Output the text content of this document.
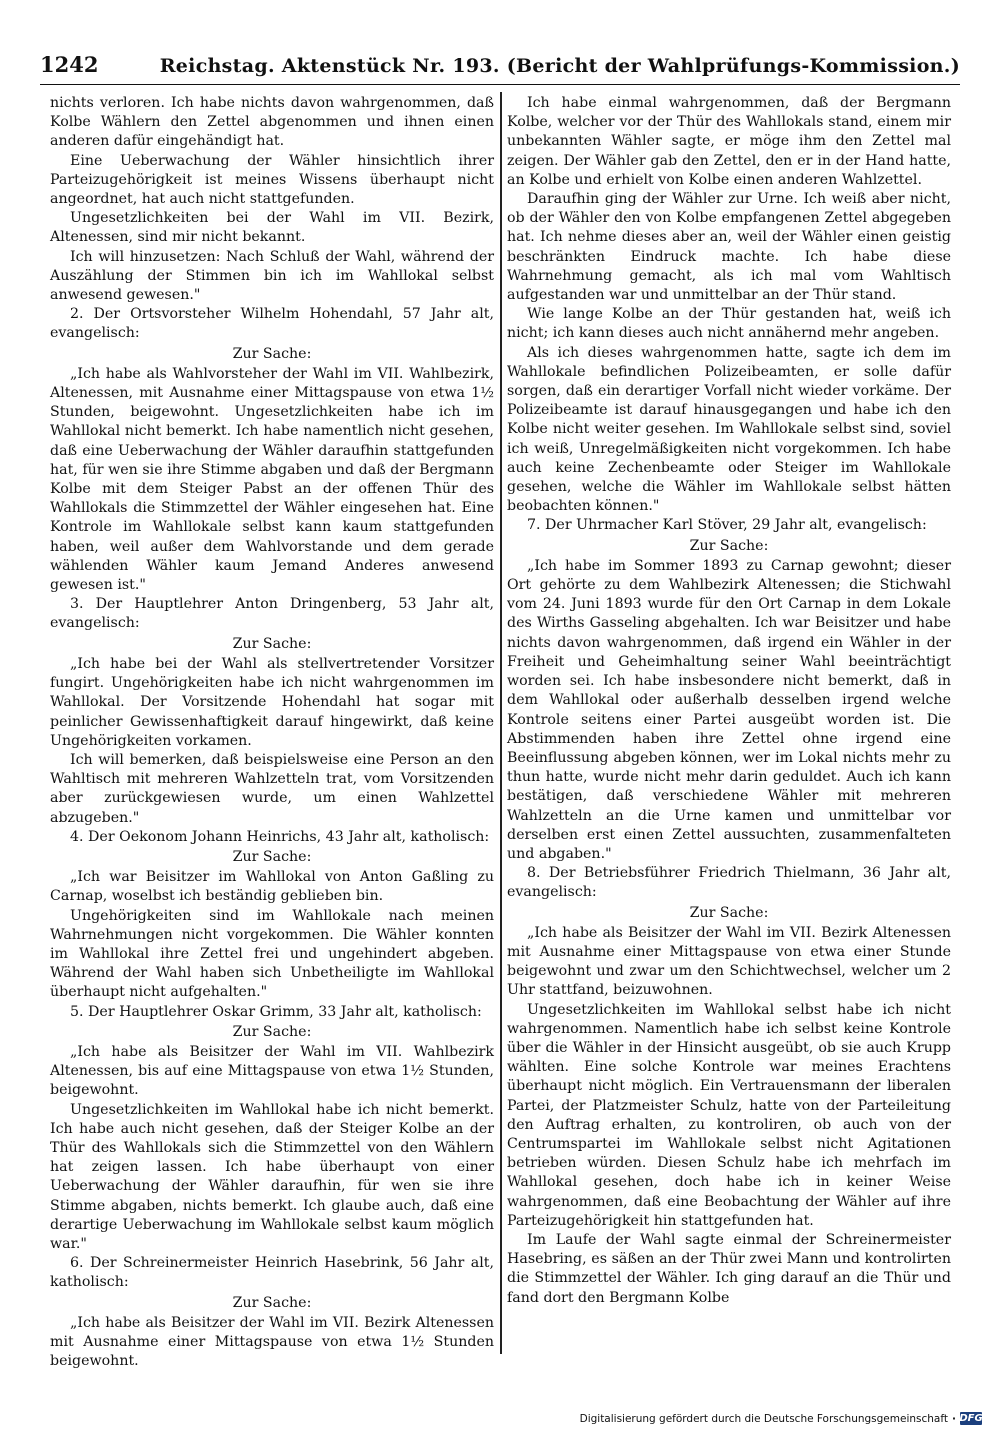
1242	Reichstag. Aktenstück Nr. 193. (Bericht der Wahlprüfungs-Kommission.)

nichts verloren. Ich habe nichts davon wahrgenommen, daß Kolbe Wählern den Zettel abgenommen und ihnen einen anderen dafür eingehändigt hat.

Eine Ueberwachung der Wähler hinsichtlich ihrer Parteizugehörigkeit ist meines Wissens überhaupt nicht angeordnet, hat auch nicht stattgefunden.

Ungesetzlichkeiten bei der Wahl im VII. Bezirk, Altenessen, sind mir nicht bekannt.

Ich will hinzusetzen: Nach Schluß der Wahl, während der Auszählung der Stimmen bin ich im Wahllokal selbst anwesend gewesen."

2. Der Ortsvorsteher Wilhelm Hohendahl, 57 Jahr alt, evangelisch:

Zur Sache:

„Ich habe als Wahlvorsteher der Wahl im VII. Wahlbezirk, Altenessen, mit Ausnahme einer Mittagspause von etwa 1½ Stunden, beigewohnt. Ungesetzlichkeiten habe ich im Wahllokal nicht bemerkt. Ich habe namentlich nicht gesehen, daß eine Ueberwachung der Wähler daraufhin stattgefunden hat, für wen sie ihre Stimme abgaben und daß der Bergmann Kolbe mit dem Steiger Pabst an der offenen Thür des Wahllokals die Stimmzettel der Wähler eingesehen hat. Eine Kontrole im Wahllokale selbst kann kaum stattgefunden haben, weil außer dem Wahlvorstande und dem gerade wählenden Wähler kaum Jemand Anderes anwesend gewesen ist."

3. Der Hauptlehrer Anton Dringenberg, 53 Jahr alt, evangelisch:

Zur Sache:

„Ich habe bei der Wahl als stellvertretender Vorsitzer fungirt. Ungehörigkeiten habe ich nicht wahrgenommen im Wahllokal. Der Vorsitzende Hohendahl hat sogar mit peinlicher Gewissenhaftigkeit darauf hingewirkt, daß keine Ungehörigkeiten vorkamen.

Ich will bemerken, daß beispielsweise eine Person an den Wahltisch mit mehreren Wahlzetteln trat, vom Vorsitzenden aber zurückgewiesen wurde, um einen Wahlzettel abzugeben."

4. Der Oekonom Johann Heinrichs, 43 Jahr alt, katholisch:

Zur Sache:

„Ich war Beisitzer im Wahllokal von Anton Gaßling zu Carnap, woselbst ich beständig geblieben bin.

Ungehörigkeiten sind im Wahllokale nach meinen Wahrnehmungen nicht vorgekommen. Die Wähler konnten im Wahllokal ihre Zettel frei und ungehindert abgeben. Während der Wahl haben sich Unbetheiligte im Wahllokal überhaupt nicht aufgehalten."

5. Der Hauptlehrer Oskar Grimm, 33 Jahr alt, katholisch:

Zur Sache:

„Ich habe als Beisitzer der Wahl im VII. Wahlbezirk Altenessen, bis auf eine Mittagspause von etwa 1½ Stunden, beigewohnt.

Ungesetzlichkeiten im Wahllokal habe ich nicht bemerkt. Ich habe auch nicht gesehen, daß der Steiger Kolbe an der Thür des Wahllokals sich die Stimmzettel von den Wählern hat zeigen lassen. Ich habe überhaupt von einer Ueberwachung der Wähler daraufhin, für wen sie ihre Stimme abgaben, nichts bemerkt. Ich glaube auch, daß eine derartige Ueberwachung im Wahllokale selbst kaum möglich war."

6. Der Schreinermeister Heinrich Hasebrink, 56 Jahr alt, katholisch:

Zur Sache:

„Ich habe als Beisitzer der Wahl im VII. Bezirk Altenessen mit Ausnahme einer Mittagspause von etwa 1½ Stunden beigewohnt.

Ich habe einmal wahrgenommen, daß der Bergmann Kolbe, welcher vor der Thür des Wahllokals stand, einem mir unbekannten Wähler sagte, er möge ihm den Zettel mal zeigen. Der Wähler gab den Zettel, den er in der Hand hatte, an Kolbe und erhielt von Kolbe einen anderen Wahlzettel.

Daraufhin ging der Wähler zur Urne. Ich weiß aber nicht, ob der Wähler den von Kolbe empfangenen Zettel abgegeben hat. Ich nehme dieses aber an, weil der Wähler einen geistig beschränkten Eindruck machte. Ich habe diese Wahrnehmung gemacht, als ich mal vom Wahltisch aufgestanden war und unmittelbar an der Thür stand.

Wie lange Kolbe an der Thür gestanden hat, weiß ich nicht; ich kann dieses auch nicht annähernd mehr angeben.

Als ich dieses wahrgenommen hatte, sagte ich dem im Wahllokale befindlichen Polizeibeamten, er solle dafür sorgen, daß ein derartiger Vorfall nicht wieder vorkäme. Der Polizeibeamte ist darauf hinausgegangen und habe ich den Kolbe nicht weiter gesehen. Im Wahllokale selbst sind, soviel ich weiß, Unregelmäßigkeiten nicht vorgekommen. Ich habe auch keine Zechenbeamte oder Steiger im Wahllokale gesehen, welche die Wähler im Wahllokale selbst hätten beobachten können."

7. Der Uhrmacher Karl Stöver, 29 Jahr alt, evangelisch:

Zur Sache:

„Ich habe im Sommer 1893 zu Carnap gewohnt; dieser Ort gehörte zu dem Wahlbezirk Altenessen; die Stichwahl vom 24. Juni 1893 wurde für den Ort Carnap in dem Lokale des Wirths Gasseling abgehalten. Ich war Beisitzer und habe nichts davon wahrgenommen, daß irgend ein Wähler in der Freiheit und Geheimhaltung seiner Wahl beeinträchtigt worden sei. Ich habe insbesondere nicht bemerkt, daß in dem Wahllokal oder außerhalb desselben irgend welche Kontrole seitens einer Partei ausgeübt worden ist. Die Abstimmenden haben ihre Zettel ohne irgend eine Beeinflussung abgeben können, wer im Lokal nichts mehr zu thun hatte, wurde nicht mehr darin geduldet. Auch ich kann bestätigen, daß verschiedene Wähler mit mehreren Wahlzetteln an die Urne kamen und unmittelbar vor derselben erst einen Zettel aussuchten, zusammenfalteten und abgaben."

8. Der Betriebsführer Friedrich Thielmann, 36 Jahr alt, evangelisch:

Zur Sache:

„Ich habe als Beisitzer der Wahl im VII. Bezirk Altenessen mit Ausnahme einer Mittagspause von etwa einer Stunde beigewohnt und zwar um den Schichtwechsel, welcher um 2 Uhr stattfand, beizuwohnen.

Ungesetzlichkeiten im Wahllokal selbst habe ich nicht wahrgenommen. Namentlich habe ich selbst keine Kontrole über die Wähler in der Hinsicht ausgeübt, ob sie auch Krupp wählten. Eine solche Kontrole war meines Erachtens überhaupt nicht möglich. Ein Vertrauensmann der liberalen Partei, der Platzmeister Schulz, hatte von der Parteileitung den Auftrag erhalten, zu kontroliren, ob auch von der Centrumspartei im Wahllokale selbst nicht Agitationen betrieben würden. Diesen Schulz habe ich mehrfach im Wahllokal gesehen, doch habe ich in keiner Weise wahrgenommen, daß eine Beobachtung der Wähler auf ihre Parteizugehörigkeit hin stattgefunden hat.

Im Laufe der Wahl sagte einmal der Schreinermeister Hasebring, es säßen an der Thür zwei Mann und kontrolirten die Stimmzettel der Wähler. Ich ging darauf an die Thür und fand dort den Bergmann Kolbe

Digitalisierung gefördert durch die Deutsche Forschungsgemeinschaft · DFG
